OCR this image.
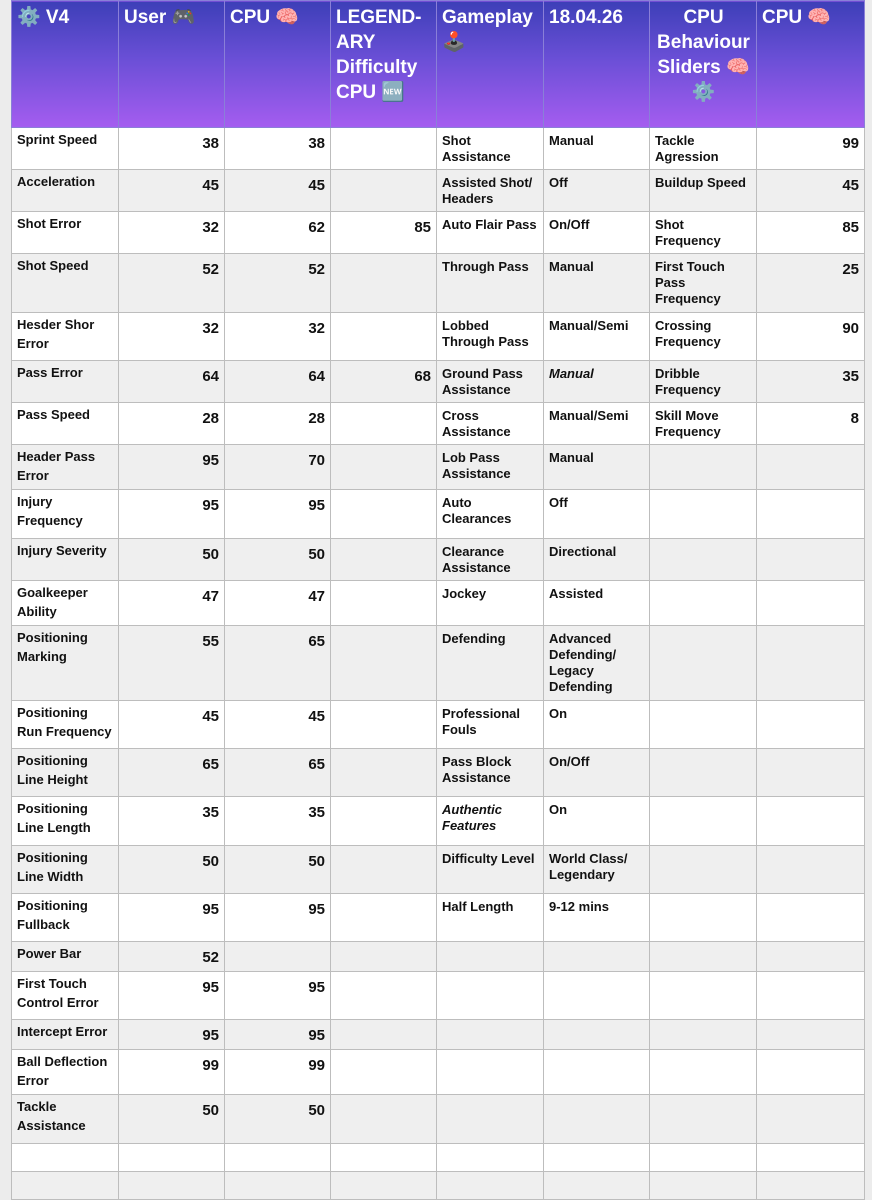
⚙️ V4	User 🎮	CPU 🧠	LEGEND-ARY Difficulty CPU 🆕	Gameplay 🕹️	18.04.26	CPU Behaviour Sliders 🧠⚙️	CPU 🧠

Sprint Speed	38	38		Shot Assistance	Manual	Tackle Agression	99

Acceleration	45	45		Assisted Shot/ Headers	Off	Buildup Speed	45

Shot Error	32	62	85	Auto Flair Pass	On/Off	Shot Frequency	85

Shot Speed	52	52		Through Pass	Manual	First Touch Pass Frequency	25

Hesder Shor Error	32	32		Lobbed Through Pass	Manual/Semi	Crossing Frequency	90

Pass Error	64	64	68	Ground Pass Assistance	Manual	Dribble Frequency	35

Pass Speed	28	28		Cross Assistance	Manual/Semi	Skill Move Frequency	8

Header Pass Error	95	70		Lob Pass Assistance	Manual		

Injury Frequency	95	95		Auto Clearances	Off		

Injury Severity	50	50		Clearance Assistance	Directional		

Goalkeeper Ability	47	47		Jockey	Assisted		

Positioning Marking	55	65		Defending	Advanced Defending/ Legacy Defending		

Positioning Run Frequency	45	45		Professional Fouls	On		

Positioning Line Height	65	65		Pass Block Assistance	On/Off		

Positioning Line Length	35	35		Authentic Features	On		

Positioning Line Width	50	50		Difficulty Level	World Class/ Legendary		

Positioning Fullback	95	95		Half Length	9-12 mins		

Power Bar	52						

First Touch Control Error	95	95					

Intercept Error	95	95					

Ball Deflection Error	99	99					

Tackle Assistance	50	50					
